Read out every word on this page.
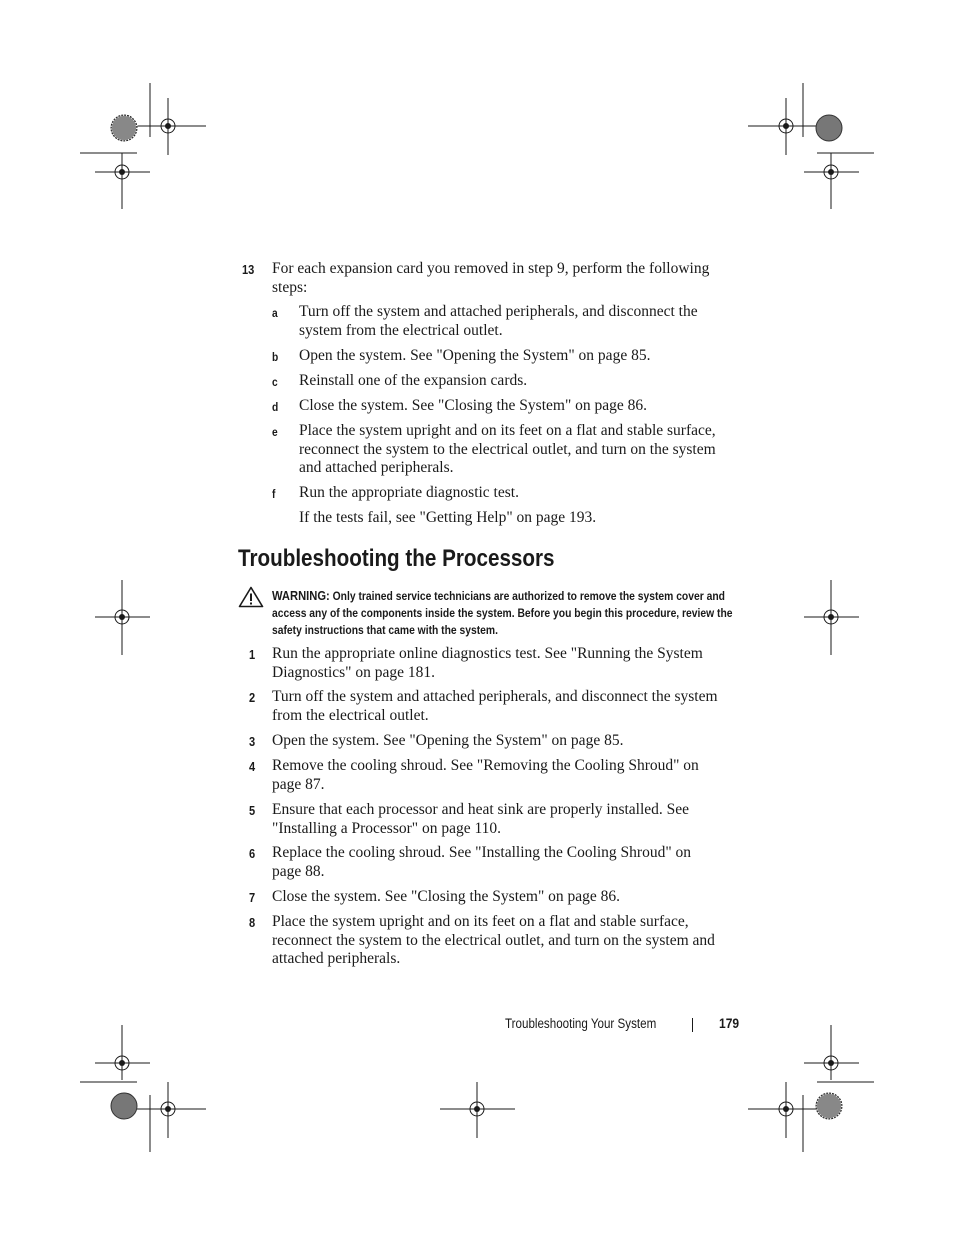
13 For each expansion card you removed in step 9, perform the following steps:
a Turn off the system and attached peripherals, and disconnect the system from the electrical outlet.
b Open the system. See "Opening the System" on page 85.
c Reinstall one of the expansion cards.
d Close the system. See "Closing the System" on page 86.
e Place the system upright and on its feet on a flat and stable surface, reconnect the system to the electrical outlet, and turn on the system and attached peripherals.
f Run the appropriate diagnostic test.
If the tests fail, see "Getting Help" on page 193.
Troubleshooting the Processors
WARNING: Only trained service technicians are authorized to remove the system cover and access any of the components inside the system. Before you begin this procedure, review the safety instructions that came with the system.
1 Run the appropriate online diagnostics test. See "Running the System Diagnostics" on page 181.
2 Turn off the system and attached peripherals, and disconnect the system from the electrical outlet.
3 Open the system. See "Opening the System" on page 85.
4 Remove the cooling shroud. See "Removing the Cooling Shroud" on page 87.
5 Ensure that each processor and heat sink are properly installed. See "Installing a Processor" on page 110.
6 Replace the cooling shroud. See "Installing the Cooling Shroud" on page 88.
7 Close the system. See "Closing the System" on page 86.
8 Place the system upright and on its feet on a flat and stable surface, reconnect the system to the electrical outlet, and turn on the system and attached peripherals.
Troubleshooting Your System	179
